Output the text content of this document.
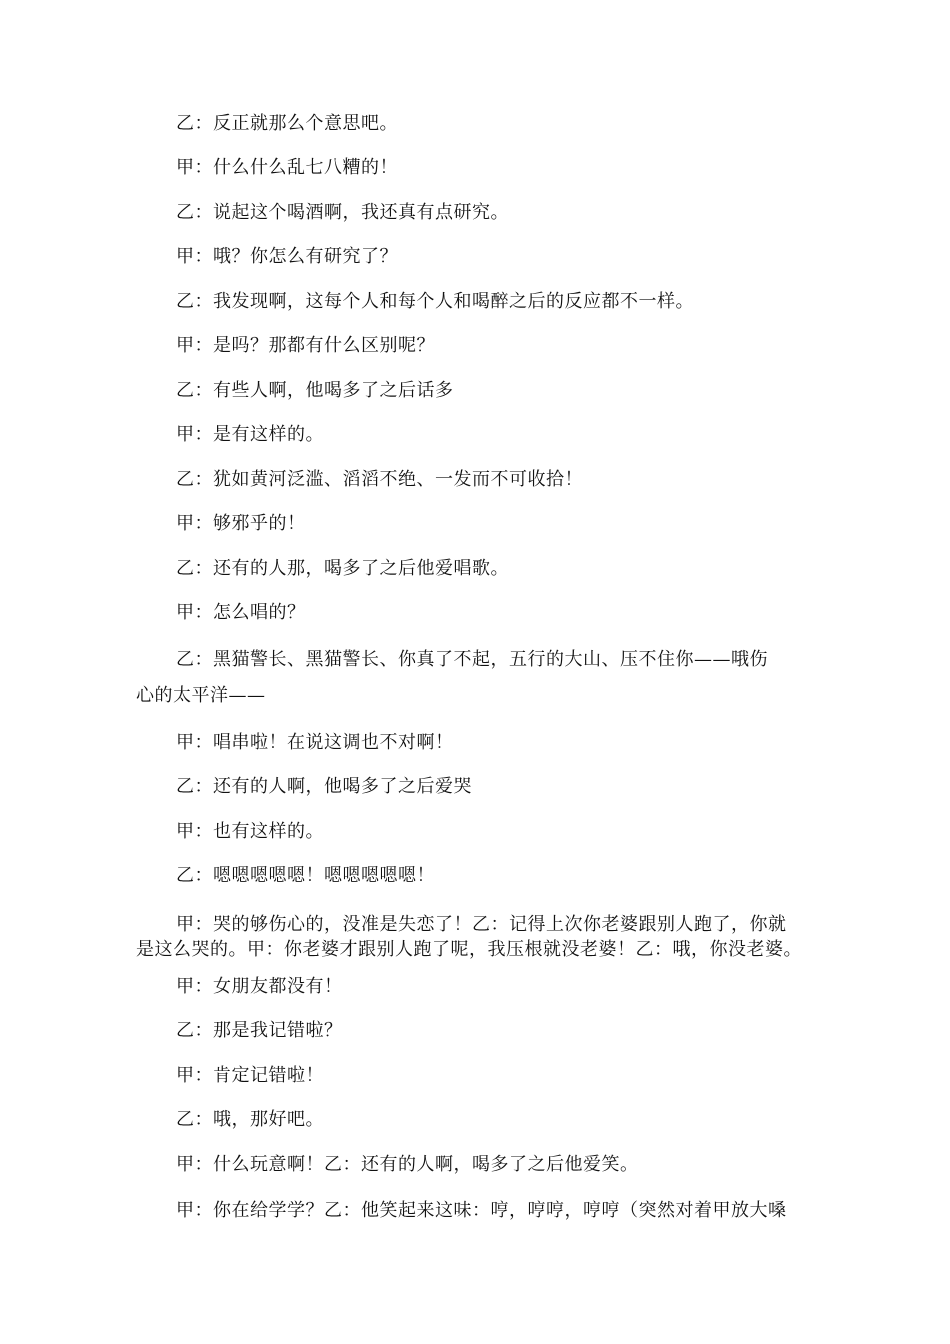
乙：反正就那么个意思吧。
甲：什么什么乱七八糟的！
乙：说起这个喝酒啊，我还真有点研究。
甲：哦？你怎么有研究了？
乙：我发现啊，这每个人和每个人和喝醉之后的反应都不一样。
甲：是吗？那都有什么区别呢？
乙：有些人啊，他喝多了之后话多
甲：是有这样的。
乙：犹如黄河泛滥、滔滔不绝、一发而不可收拾！
甲：够邪乎的！
乙：还有的人那，喝多了之后他爱唱歌。
甲：怎么唱的？
乙：黑猫警长、黑猫警长、你真了不起，五行的大山、压不住你——哦伤
心的太平洋——
甲：唱串啦！在说这调也不对啊！
乙：还有的人啊，他喝多了之后爱哭
甲：也有这样的。
乙：嗯嗯嗯嗯嗯！嗯嗯嗯嗯嗯！
甲：哭的够伤心的，没准是失恋了！乙：记得上次你老婆跟别人跑了，你就
是这么哭的。甲：你老婆才跟别人跑了呢，我压根就没老婆！乙：哦，你没老婆。
甲：女朋友都没有！
乙：那是我记错啦？
甲：肯定记错啦！
乙：哦，那好吧。
甲：什么玩意啊！乙：还有的人啊，喝多了之后他爱笑。
甲：你在给学学？乙：他笑起来这味：哼，哼哼，哼哼（突然对着甲放大嗓
